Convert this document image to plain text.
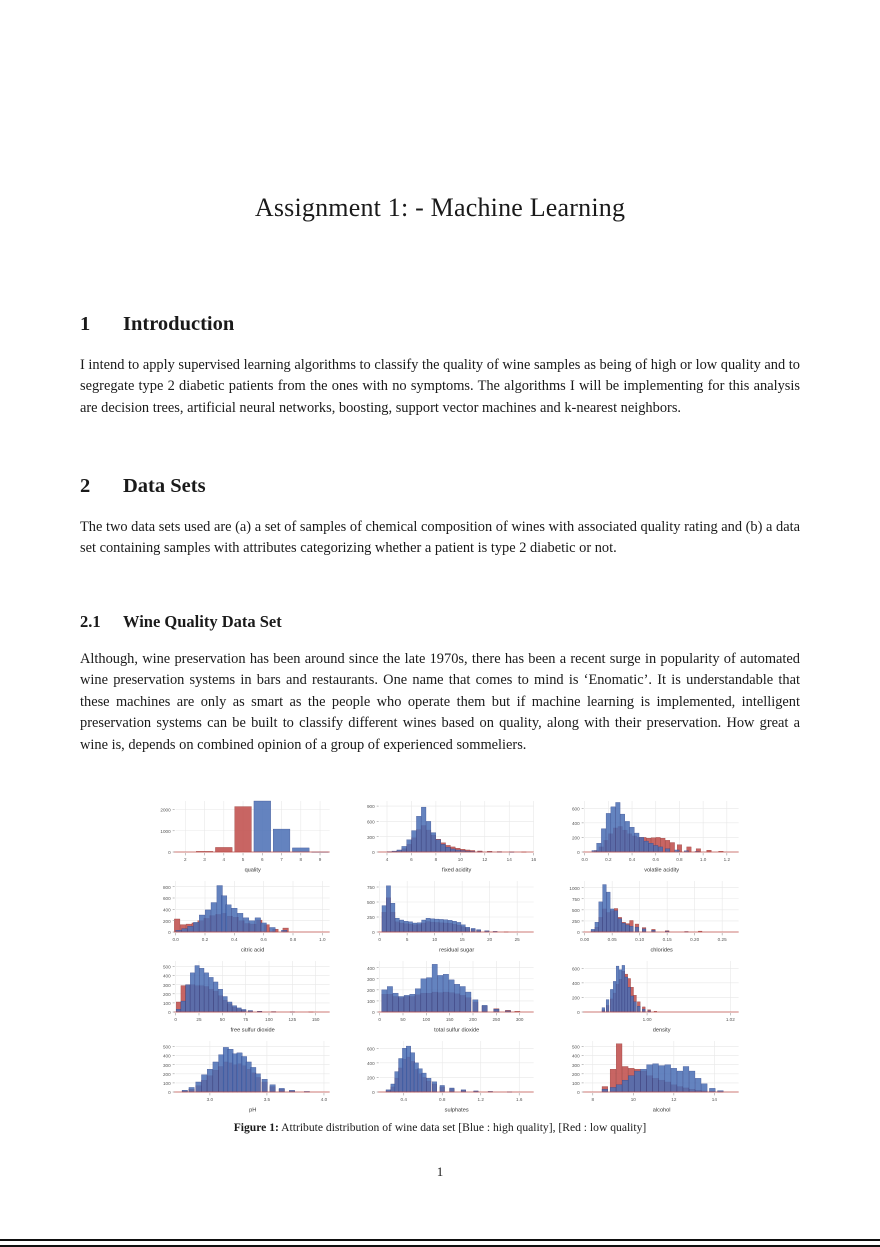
Assignment 1: - Machine Learning
1 Introduction

I intend to apply supervised learning algorithms to classify the quality of wine samples as being of high or low quality and to segregate type 2 diabetic patients from the ones with no symptoms. The algorithms I will be implementing for this analysis are decision trees, artificial neural networks, boosting, support vector machines and k-nearest neighbors.

2 Data Sets

The two data sets used are (a) a set of samples of chemical composition of wines with associated quality rating and (b) a data set containing samples with attributes categorizing whether a patient is type 2 diabetic or not.

2.1 Wine Quality Data Set

Although, wine preservation has been around since the late 1970s, there has been a recent surge in popularity of automated wine preservation systems in bars and restaurants. One name that comes to mind is ‘Enomatic’. It is understandable that these machines are only as smart as the people who operate them but if machine learning is implemented, intelligent preservation systems can be built to classify different wines based on quality, along with their preservation. How great a wine is, depends on combined opinion of a group of experienced sommeliers.

0
1000
2000
2	3	4	5	6	7	8	9
quality
0
300
600
900
4	6	8	10	12	14	16
fixed acidity
0
200
400
600
0.0	0.2	0.4	0.6	0.8	1.0	1.2
volatile acidity
0
200
400
600
800
0.0	0.2	0.4	0.6	0.8	1.0
citric acid
0
250
500
750
0	5	10	15	20	25
residual sugar
0
250
500
750
1000
0.00	0.05	0.10	0.15	0.20	0.25
chlorides
0
100
200
300
400
500
0	25	50	75	100	125	150
free sulfur dioxide
0
100
200
300
400
0	50	100	150	200	250	300
total sulfur dioxide
0
200
400
600
1.00	1.02
density
0
100
200
300
400
500
3.0	3.5	4.0
pH
0
200
400
600
0.4	0.8	1.2	1.6
sulphates
0
100
200
300
400
500
8	10	12	14
alcohol
Figure 1: Attribute distribution of wine data set [Blue : high quality], [Red : low quality]
1
